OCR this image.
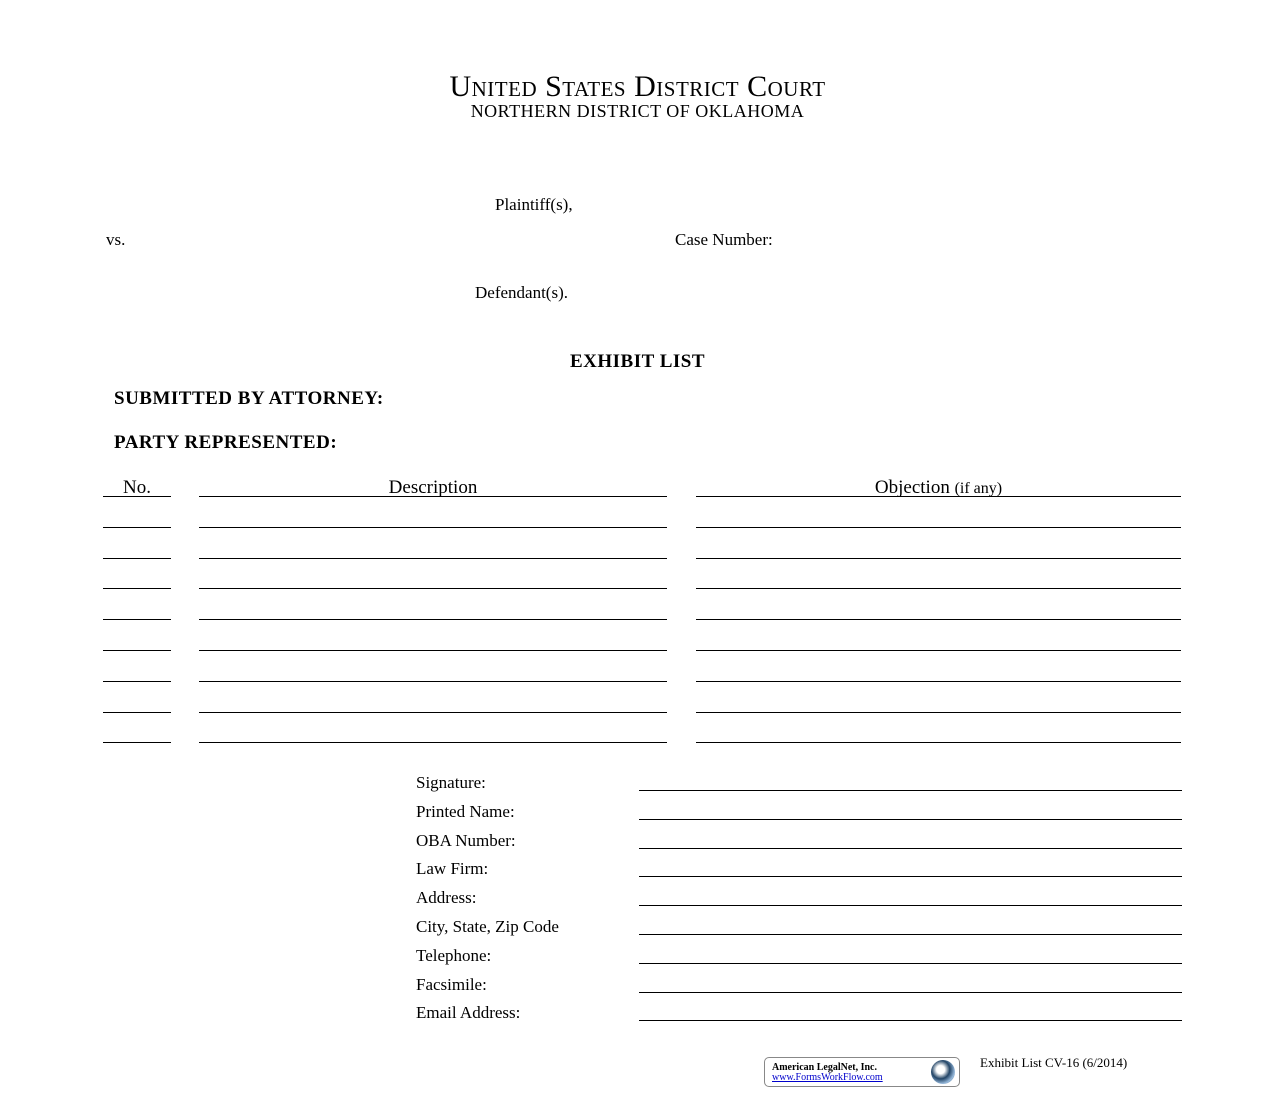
United States District Court
NORTHERN DISTRICT OF OKLAHOMA
Plaintiff(s),
vs.	Case Number:
Defendant(s).
EXHIBIT LIST
SUBMITTED BY ATTORNEY:
PARTY REPRESENTED:
No.	Description	Objection (if any)
Signature:
Printed Name:
OBA Number:
Law Firm:
Address:
City, State, Zip Code
Telephone:
Facsimile:
Email Address:
American LegalNet, Inc.
www.FormsWorkFlow.com
Exhibit List CV-16 (6/2014)
